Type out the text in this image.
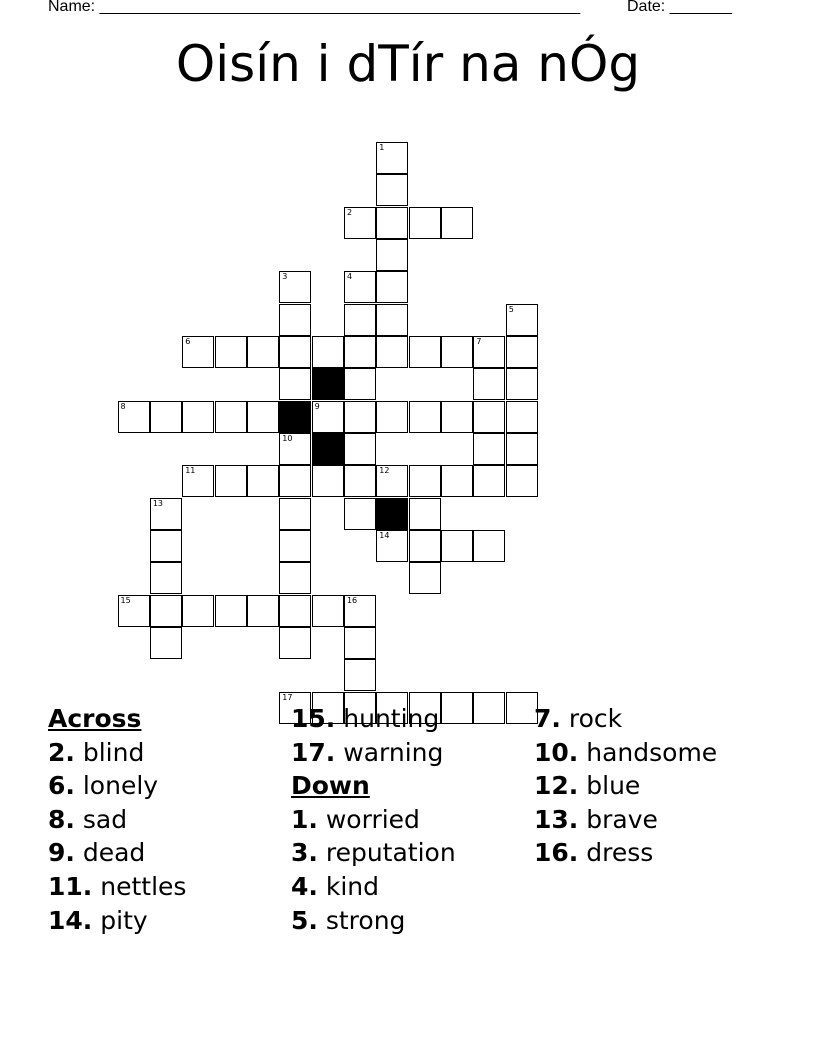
Name: ______________________________________________________	Date: _______
Oisín i dTír na nÓg
1
2
3	4
5
6	7
8	9
10
11	12
13
14
15	16
17
Across
2. blind
6. lonely
8. sad
9. dead
11. nettles
14. pity
15. hunting
17. warning
Down
1. worried
3. reputation
4. kind
5. strong
7. rock
10. handsome
12. blue
13. brave
16. dress
